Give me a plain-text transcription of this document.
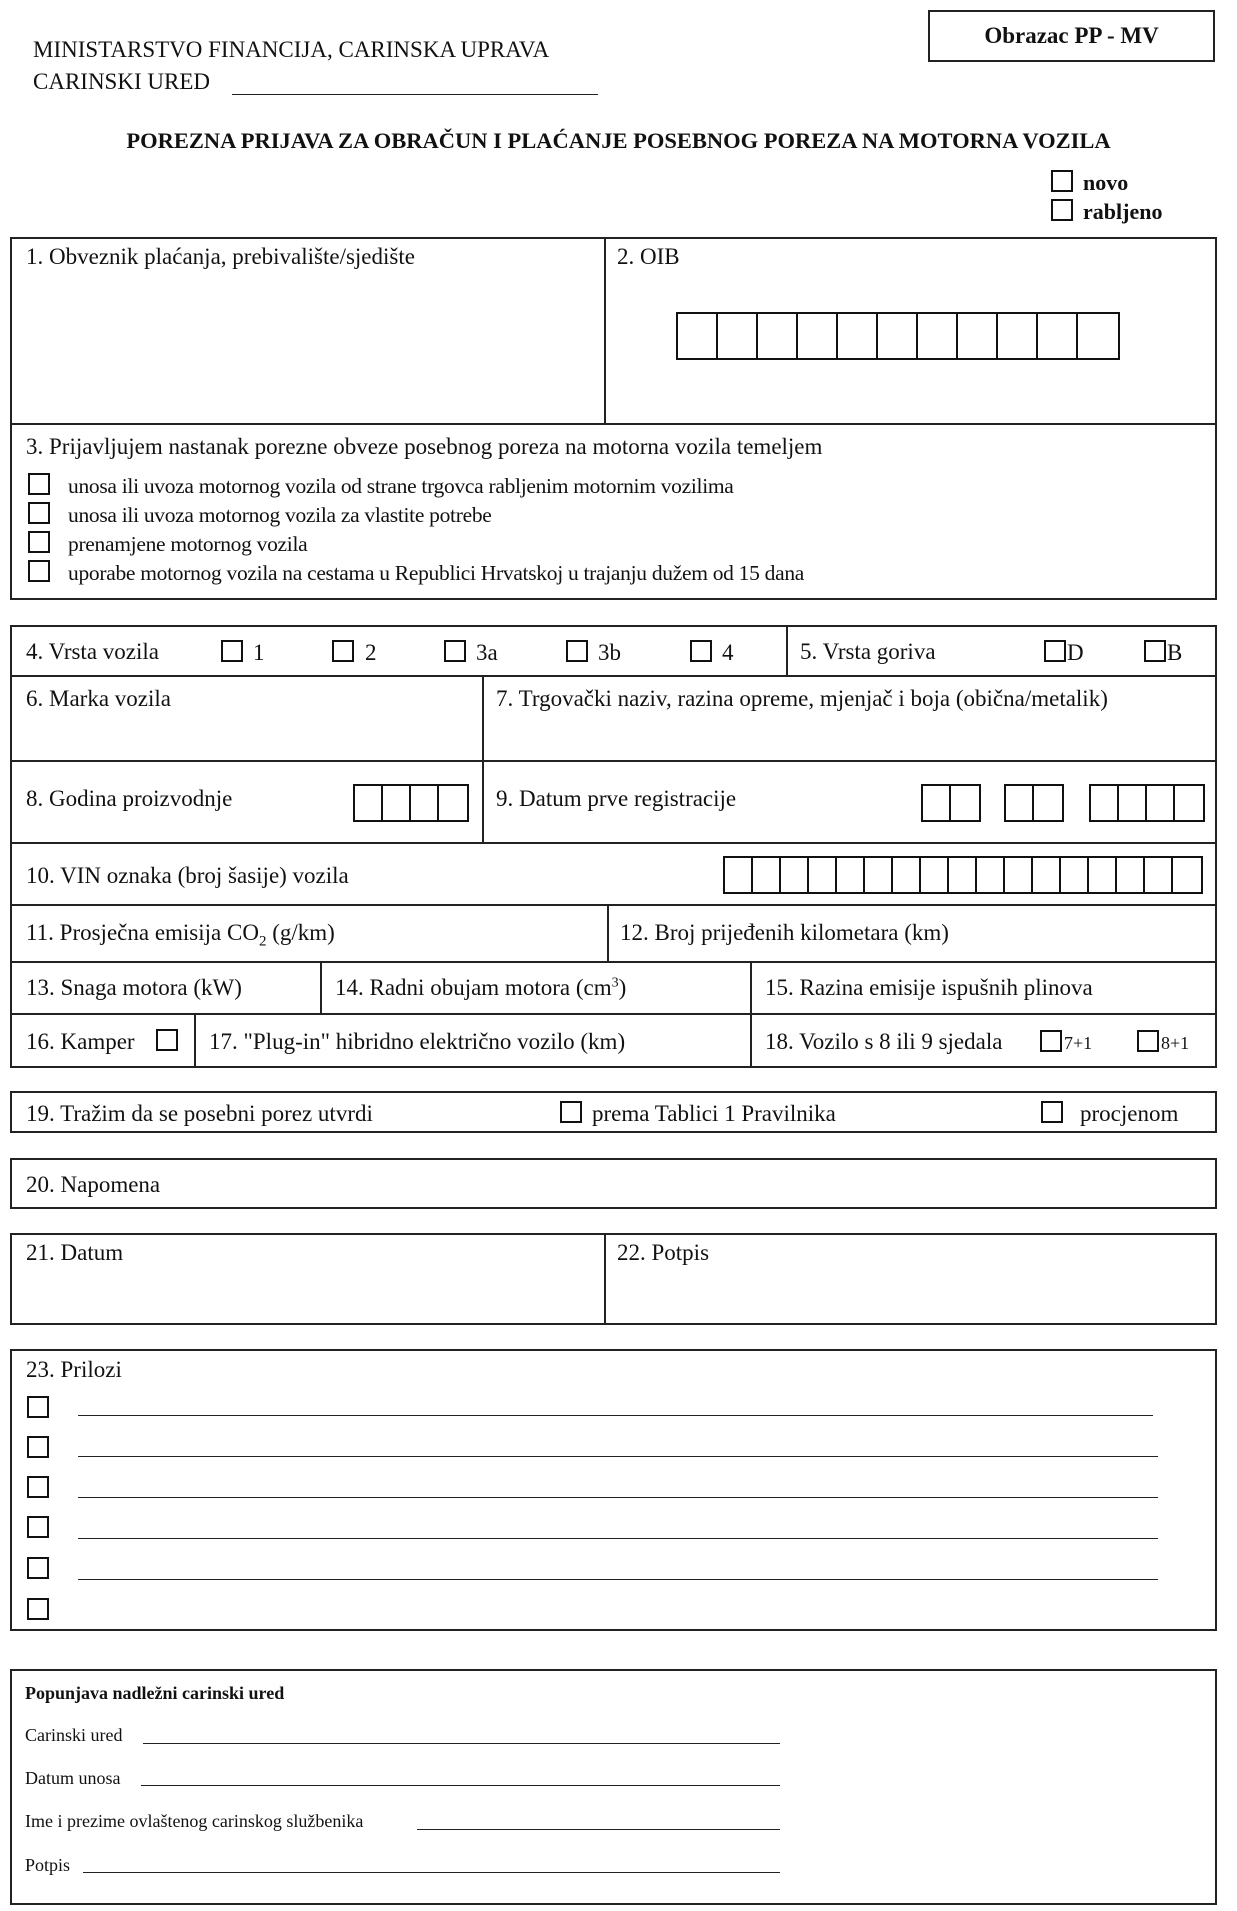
MINISTARSTVO FINANCIJA, CARINSKA UPRAVA
CARINSKI URED
Obrazac PP - MV
POREZNA PRIJAVA ZA OBRAČUN I PLAĆANJE POSEBNOG POREZA NA MOTORNA VOZILA
novo
rabljeno
1. Obveznik plaćanja, prebivalište/sjedište	2. OIB
3. Prijavljujem nastanak porezne obveze posebnog poreza na motorna vozila temeljem
unosa ili uvoza motornog vozila od strane trgovca rabljenim motornim vozilima
unosa ili uvoza motornog vozila za vlastite potrebe
prenamjene motornog vozila
uporabe motornog vozila na cestama u Republici Hrvatskoj u trajanju dužem od 15 dana
4. Vrsta vozila	1	2	3a	3b	4	5. Vrsta goriva	D	B
6. Marka vozila	7. Trgovački naziv, razina opreme, mjenjač i boja (obična/metalik)
8. Godina proizvodnje	9. Datum prve registracije
10. VIN oznaka (broj šasije) vozila
11. Prosječna emisija $CO_2$ (g/km)	12. Broj prijeđenih kilometara (km)
13. Snaga motora (kW)	14. Radni obujam motora $(cm^3)$	15. Razina emisije ispušnih plinova
16. Kamper	17. "Plug-in" hibridno električno vozilo (km)	18. Vozilo s 8 ili 9 sjedala	7+1	8+1
19. Tražim da se posebni porez utvrdi	prema Tablici 1 Pravilnika	procjenom
20. Napomena
21. Datum	22. Potpis
23. Prilozi
Popunjava nadležni carinski ured
Carinski ured
Datum unosa
Ime i prezime ovlaštenog carinskog službenika
Potpis
